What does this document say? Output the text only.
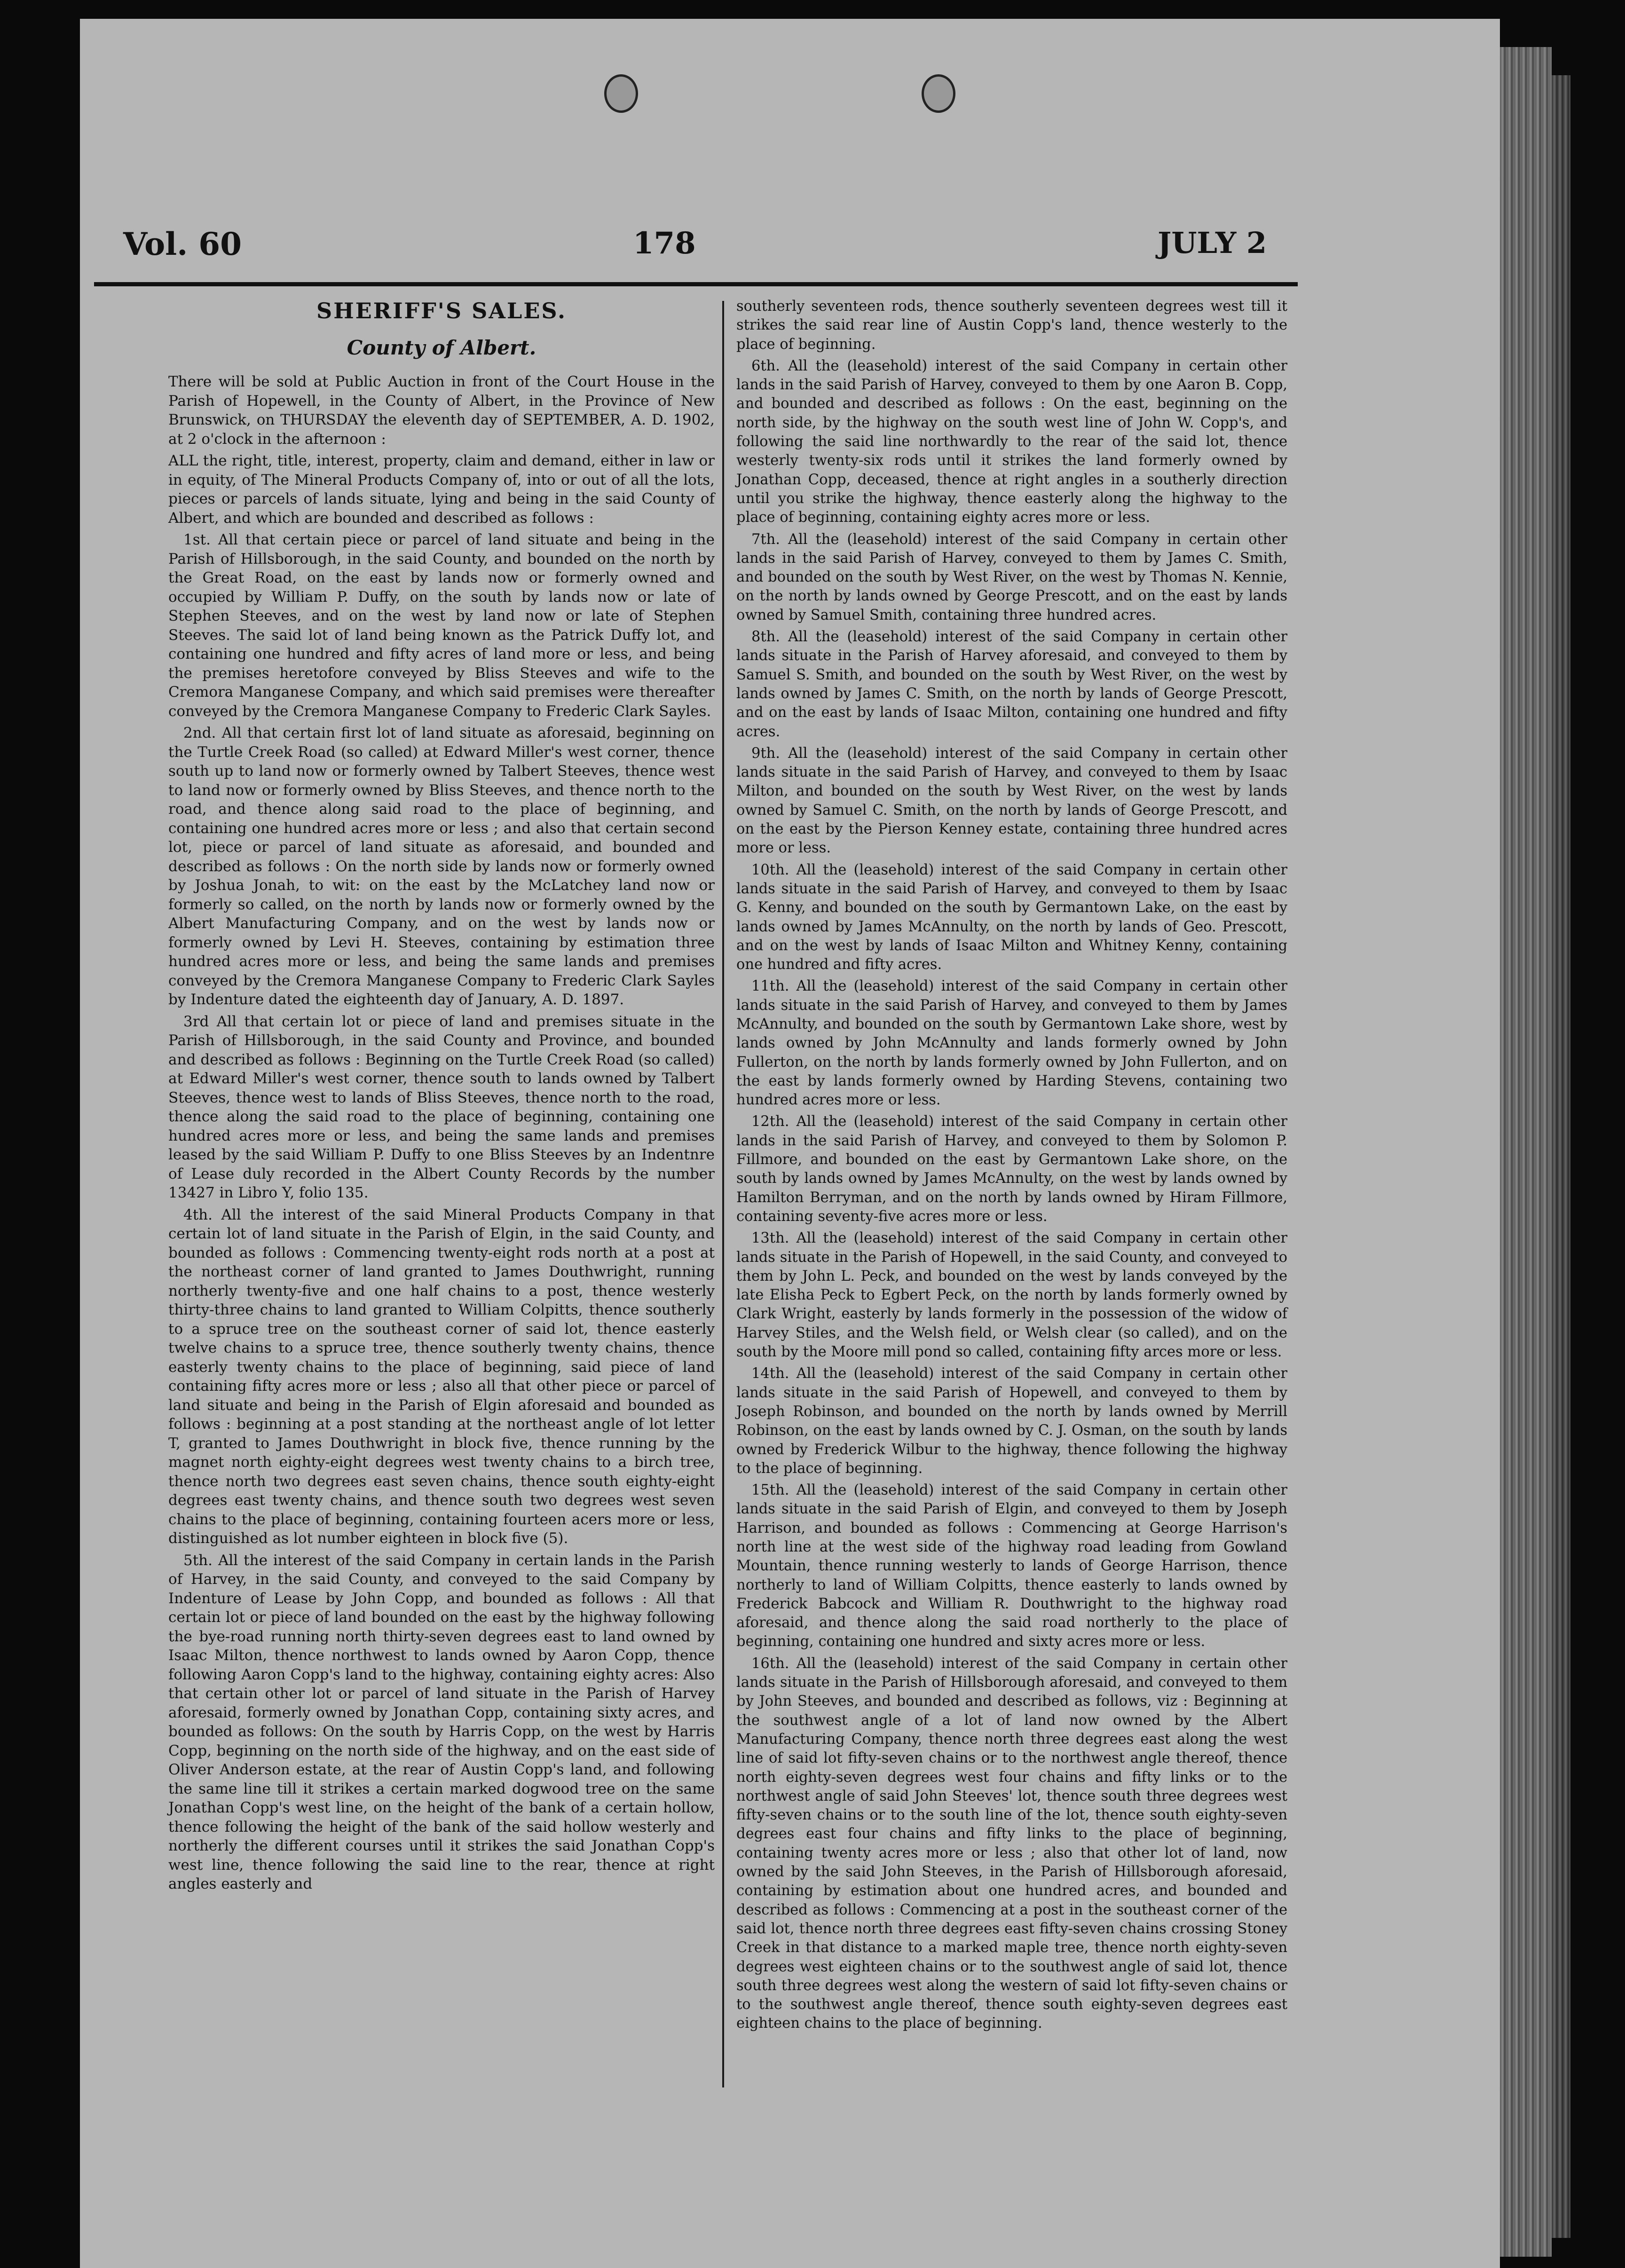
Vol. 60	178	JULY 2
SHERIFF'S SALES.
County of Albert.

There will be sold at Public Auction in front of the Court House in the Parish of Hopewell, in the County of Albert, in the Province of New Brunswick, on THURSDAY the eleventh day of SEPTEMBER, A. D. 1902, at 2 o'clock in the afternoon :

ALL the right, title, interest, property, claim and demand, either in law or in equity, of The Mineral Products Company of, into or out of all the lots, pieces or parcels of lands situate, lying and being in the said County of Albert, and which are bounded and described as follows :

1st. All that certain piece or parcel of land situate and being in the Parish of Hillsborough, in the said County, and bounded on the north by the Great Road, on the east by lands now or formerly owned and occupied by William P. Duffy, on the south by lands now or late of Stephen Steeves, and on the west by land now or late of Stephen Steeves. The said lot of land being known as the Patrick Duffy lot, and containing one hundred and fifty acres of land more or less, and being the premises heretofore conveyed by Bliss Steeves and wife to the Cremora Manganese Company, and which said premises were thereafter conveyed by the Cremora Manganese Company to Frederic Clark Sayles.

2nd. All that certain first lot of land situate as aforesaid, beginning on the Turtle Creek Road (so called) at Edward Miller's west corner, thence south up to land now or formerly owned by Talbert Steeves, thence west to land now or formerly owned by Bliss Steeves, and thence north to the road, and thence along said road to the place of beginning, and containing one hundred acres more or less ; and also that certain second lot, piece or parcel of land situate as aforesaid, and bounded and described as follows : On the north side by lands now or formerly owned by Joshua Jonah, to wit: on the east by the McLatchey land now or formerly so called, on the north by lands now or formerly owned by the Albert Manufacturing Company, and on the west by lands now or formerly owned by Levi H. Steeves, containing by estimation three hundred acres more or less, and being the same lands and premises conveyed by the Cremora Manganese Company to Frederic Clark Sayles by Indenture dated the eighteenth day of January, A. D. 1897.

3rd All that certain lot or piece of land and premises situate in the Parish of Hillsborough, in the said County and Province, and bounded and described as follows : Beginning on the Turtle Creek Road (so called) at Edward Miller's west corner, thence south to lands owned by Talbert Steeves, thence west to lands of Bliss Steeves, thence north to the road, thence along the said road to the place of beginning, containing one hundred acres more or less, and being the same lands and premises leased by the said William P. Duffy to one Bliss Steeves by an Indentnre of Lease duly recorded in the Albert County Records by the number 13427 in Libro Y, folio 135.

4th. All the interest of the said Mineral Products Company in that certain lot of land situate in the Parish of Elgin, in the said County, and bounded as follows : Commencing twenty-eight rods north at a post at the northeast corner of land granted to James Douthwright, running northerly twenty-five and one half chains to a post, thence westerly thirty-three chains to land granted to William Colpitts, thence southerly to a spruce tree on the southeast corner of said lot, thence easterly twelve chains to a spruce tree, thence southerly twenty chains, thence easterly twenty chains to the place of beginning, said piece of land containing fifty acres more or less ; also all that other piece or parcel of land situate and being in the Parish of Elgin aforesaid and bounded as follows : beginning at a post standing at the northeast angle of lot letter T, granted to James Douthwright in block five, thence running by the magnet north eighty-eight degrees west twenty chains to a birch tree, thence north two degrees east seven chains, thence south eighty-eight degrees east twenty chains, and thence south two degrees west seven chains to the place of beginning, containing fourteen acers more or less, distinguished as lot number eighteen in block five (5).

5th. All the interest of the said Company in certain lands in the Parish of Harvey, in the said County, and conveyed to the said Company by Indenture of Lease by John Copp, and bounded as follows : All that certain lot or piece of land bounded on the east by the highway following the bye-road running north thirty-seven degrees east to land owned by Isaac Milton, thence northwest to lands owned by Aaron Copp, thence following Aaron Copp's land to the highway, containing eighty acres: Also that certain other lot or parcel of land situate in the Parish of Harvey aforesaid, formerly owned by Jonathan Copp, containing sixty acres, and bounded as follows: On the south by Harris Copp, on the west by Harris Copp, beginning on the north side of the highway, and on the east side of Oliver Anderson estate, at the rear of Austin Copp's land, and following the same line till it strikes a certain marked dogwood tree on the same Jonathan Copp's west line, on the height of the bank of a certain hollow, thence following the height of the bank of the said hollow westerly and northerly the different courses until it strikes the said Jonathan Copp's west line, thence following the said line to the rear, thence at right angles easterly and

southerly seventeen rods, thence southerly seventeen degrees west till it strikes the said rear line of Austin Copp's land, thence westerly to the place of beginning.

6th. All the (leasehold) interest of the said Company in certain other lands in the said Parish of Harvey, conveyed to them by one Aaron B. Copp, and bounded and described as follows : On the east, beginning on the north side, by the highway on the south west line of John W. Copp's, and following the said line northwardly to the rear of the said lot, thence westerly twenty-six rods until it strikes the land formerly owned by Jonathan Copp, deceased, thence at right angles in a southerly direction until you strike the highway, thence easterly along the highway to the place of beginning, containing eighty acres more or less.

7th. All the (leasehold) interest of the said Company in certain other lands in the said Parish of Harvey, conveyed to them by James C. Smith, and bounded on the south by West River, on the west by Thomas N. Kennie, on the north by lands owned by George Prescott, and on the east by lands owned by Samuel Smith, containing three hundred acres.

8th. All the (leasehold) interest of the said Company in certain other lands situate in the Parish of Harvey aforesaid, and conveyed to them by Samuel S. Smith, and bounded on the south by West River, on the west by lands owned by James C. Smith, on the north by lands of George Prescott, and on the east by lands of Isaac Milton, containing one hundred and fifty acres.

9th. All the (leasehold) interest of the said Company in certain other lands situate in the said Parish of Harvey, and conveyed to them by Isaac Milton, and bounded on the south by West River, on the west by lands owned by Samuel C. Smith, on the north by lands of George Prescott, and on the east by the Pierson Kenney estate, containing three hundred acres more or less.

10th. All the (leasehold) interest of the said Company in certain other lands situate in the said Parish of Harvey, and conveyed to them by Isaac G. Kenny, and bounded on the south by Germantown Lake, on the east by lands owned by James McAnnulty, on the north by lands of Geo. Prescott, and on the west by lands of Isaac Milton and Whitney Kenny, containing one hundred and fifty acres.

11th. All the (leasehold) interest of the said Company in certain other lands situate in the said Parish of Harvey, and conveyed to them by James McAnnulty, and bounded on the south by Germantown Lake shore, west by lands owned by John McAnnulty and lands formerly owned by John Fullerton, on the north by lands formerly owned by John Fullerton, and on the east by lands formerly owned by Harding Stevens, containing two hundred acres more or less.

12th. All the (leasehold) interest of the said Company in certain other lands in the said Parish of Harvey, and conveyed to them by Solomon P. Fillmore, and bounded on the east by Germantown Lake shore, on the south by lands owned by James McAnnulty, on the west by lands owned by Hamilton Berryman, and on the north by lands owned by Hiram Fillmore, containing seventy-five acres more or less.

13th. All the (leasehold) interest of the said Company in certain other lands situate in the Parish of Hopewell, in the said County, and conveyed to them by John L. Peck, and bounded on the west by lands conveyed by the late Elisha Peck to Egbert Peck, on the north by lands formerly owned by Clark Wright, easterly by lands formerly in the possession of the widow of Harvey Stiles, and the Welsh field, or Welsh clear (so called), and on the south by the Moore mill pond so called, containing fifty arces more or less.

14th. All the (leasehold) interest of the said Company in certain other lands situate in the said Parish of Hopewell, and conveyed to them by Joseph Robinson, and bounded on the north by lands owned by Merrill Robinson, on the east by lands owned by C. J. Osman, on the south by lands owned by Frederick Wilbur to the highway, thence following the highway to the place of beginning.

15th. All the (leasehold) interest of the said Company in certain other lands situate in the said Parish of Elgin, and conveyed to them by Joseph Harrison, and bounded as follows : Commencing at George Harrison's north line at the west side of the highway road leading from Gowland Mountain, thence running westerly to lands of George Harrison, thence northerly to land of William Colpitts, thence easterly to lands owned by Frederick Babcock and William R. Douthwright to the highway road aforesaid, and thence along the said road northerly to the place of beginning, containing one hundred and sixty acres more or less.

16th. All the (leasehold) interest of the said Company in certain other lands situate in the Parish of Hillsborough aforesaid, and conveyed to them by John Steeves, and bounded and described as follows, viz : Beginning at the southwest angle of a lot of land now owned by the Albert Manufacturing Company, thence north three degrees east along the west line of said lot fifty-seven chains or to the northwest angle thereof, thence north eighty-seven degrees west four chains and fifty links or to the northwest angle of said John Steeves' lot, thence south three degrees west fifty-seven chains or to the south line of the lot, thence south eighty-seven degrees east four chains and fifty links to the place of beginning, containing twenty acres more or less ; also that other lot of land, now owned by the said John Steeves, in the Parish of Hillsborough aforesaid, containing by estimation about one hundred acres, and bounded and described as follows : Commencing at a post in the southeast corner of the said lot, thence north three degrees east fifty-seven chains crossing Stoney Creek in that distance to a marked maple tree, thence north eighty-seven degrees west eighteen chains or to the southwest angle of said lot, thence south three degrees west along the western of said lot fifty-seven chains or to the southwest angle thereof, thence south eighty-seven degrees east eighteen chains to the place of beginning.
